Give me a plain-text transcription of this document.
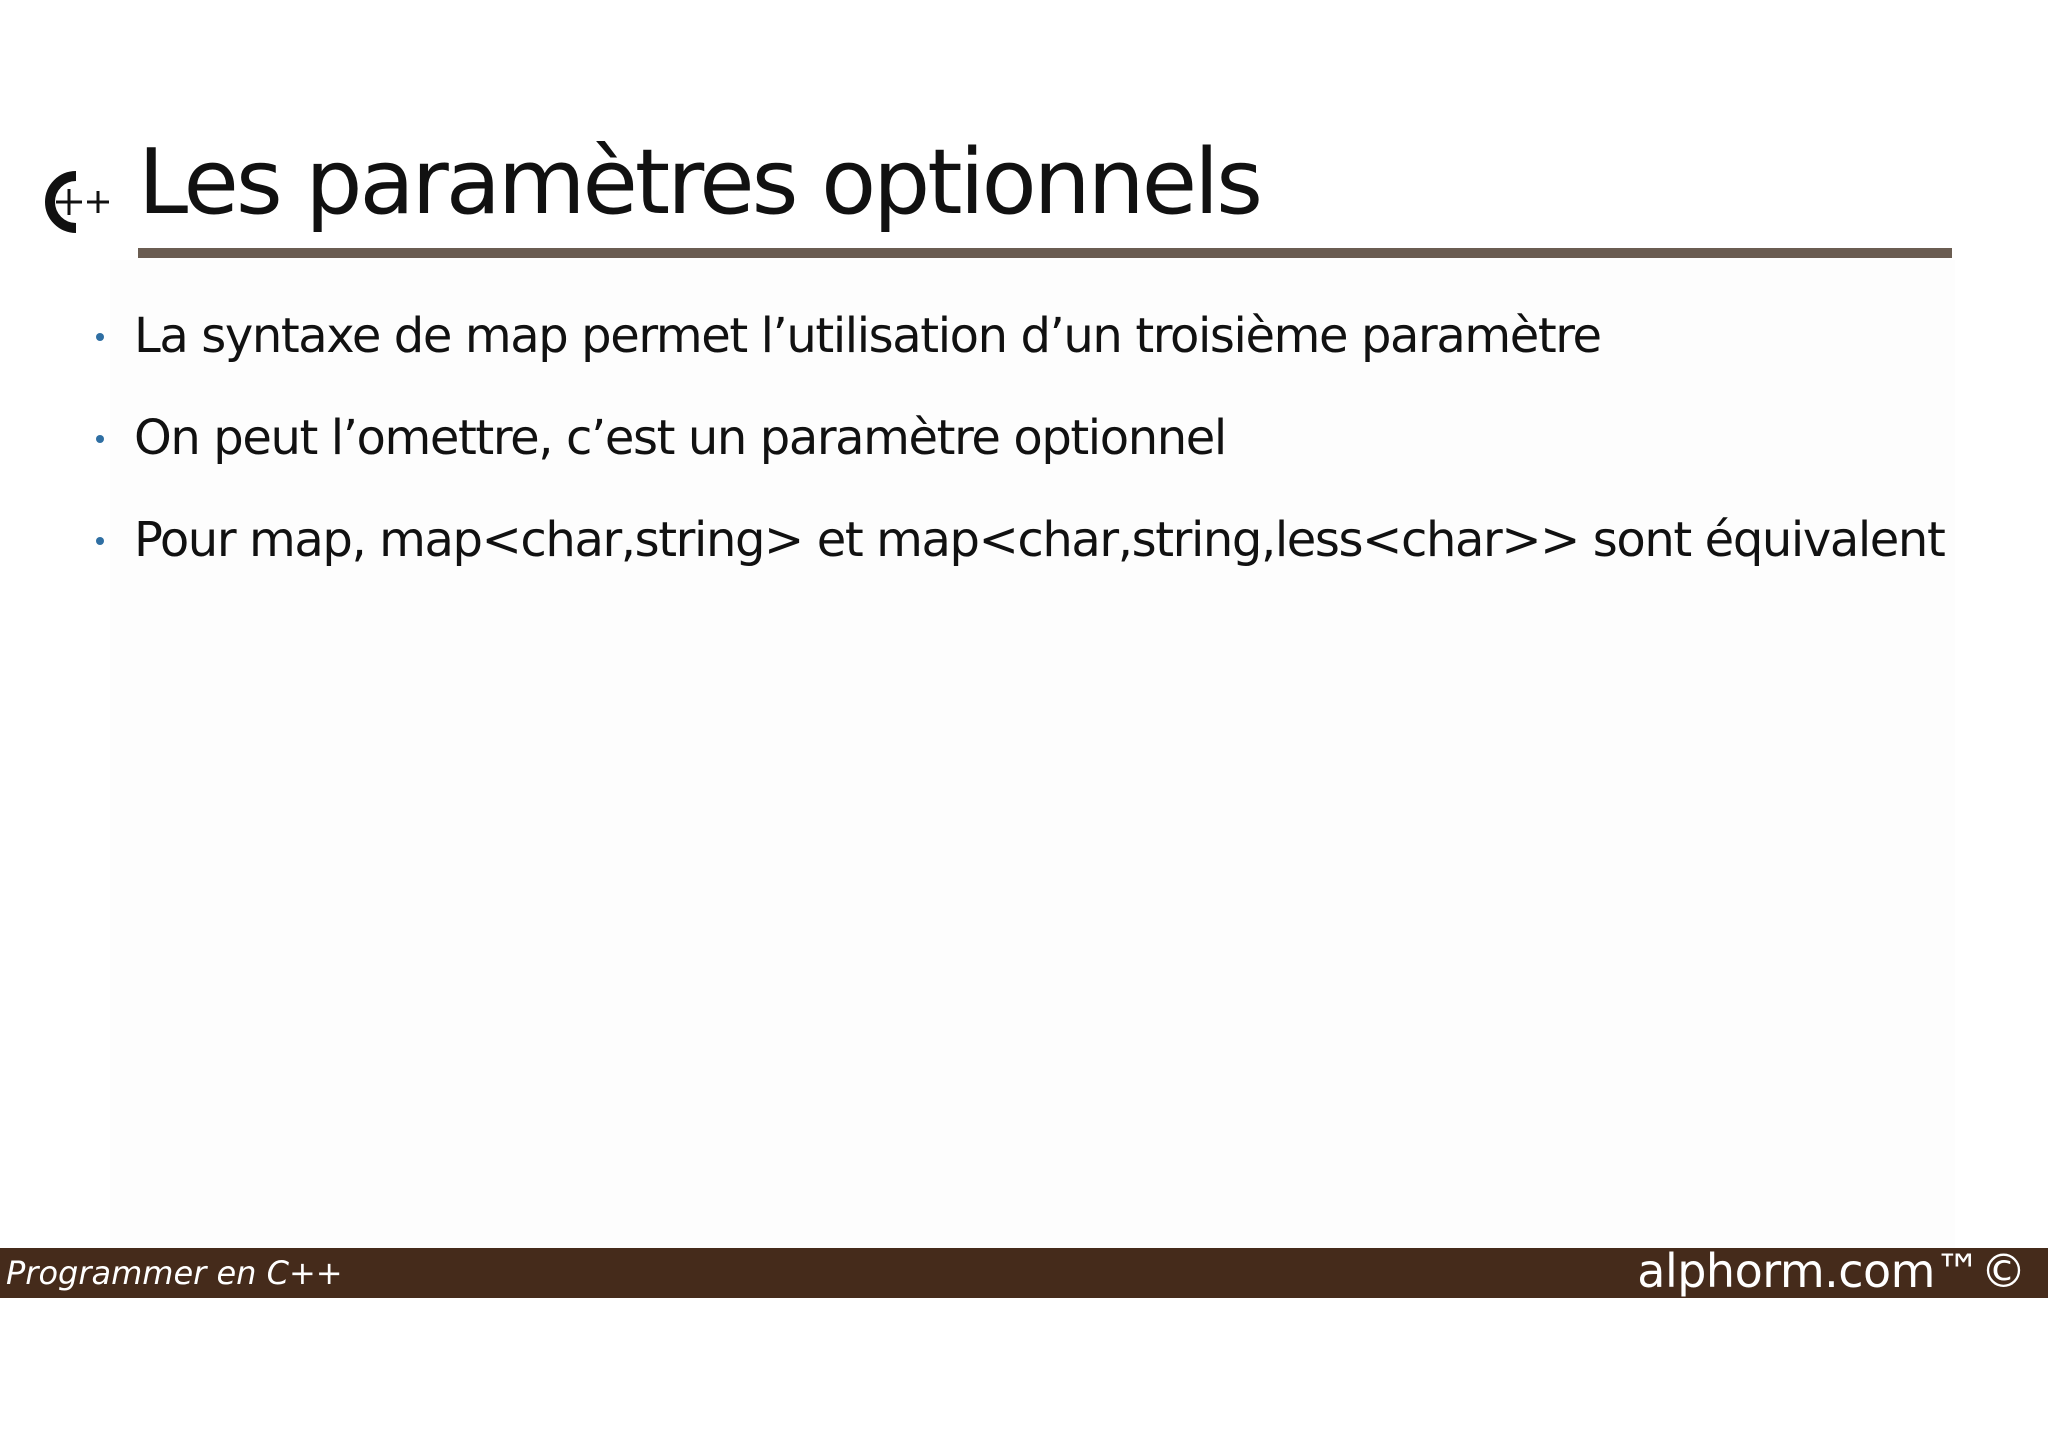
Les paramètres optionnels
La syntaxe de map permet l’utilisation d’un troisième paramètre
On peut l’omettre, c’est un paramètre optionnel
Pour map, map<char,string> et map<char,string,less<char>> sont équivalent
Programmer en C++	alphorm.com™©
